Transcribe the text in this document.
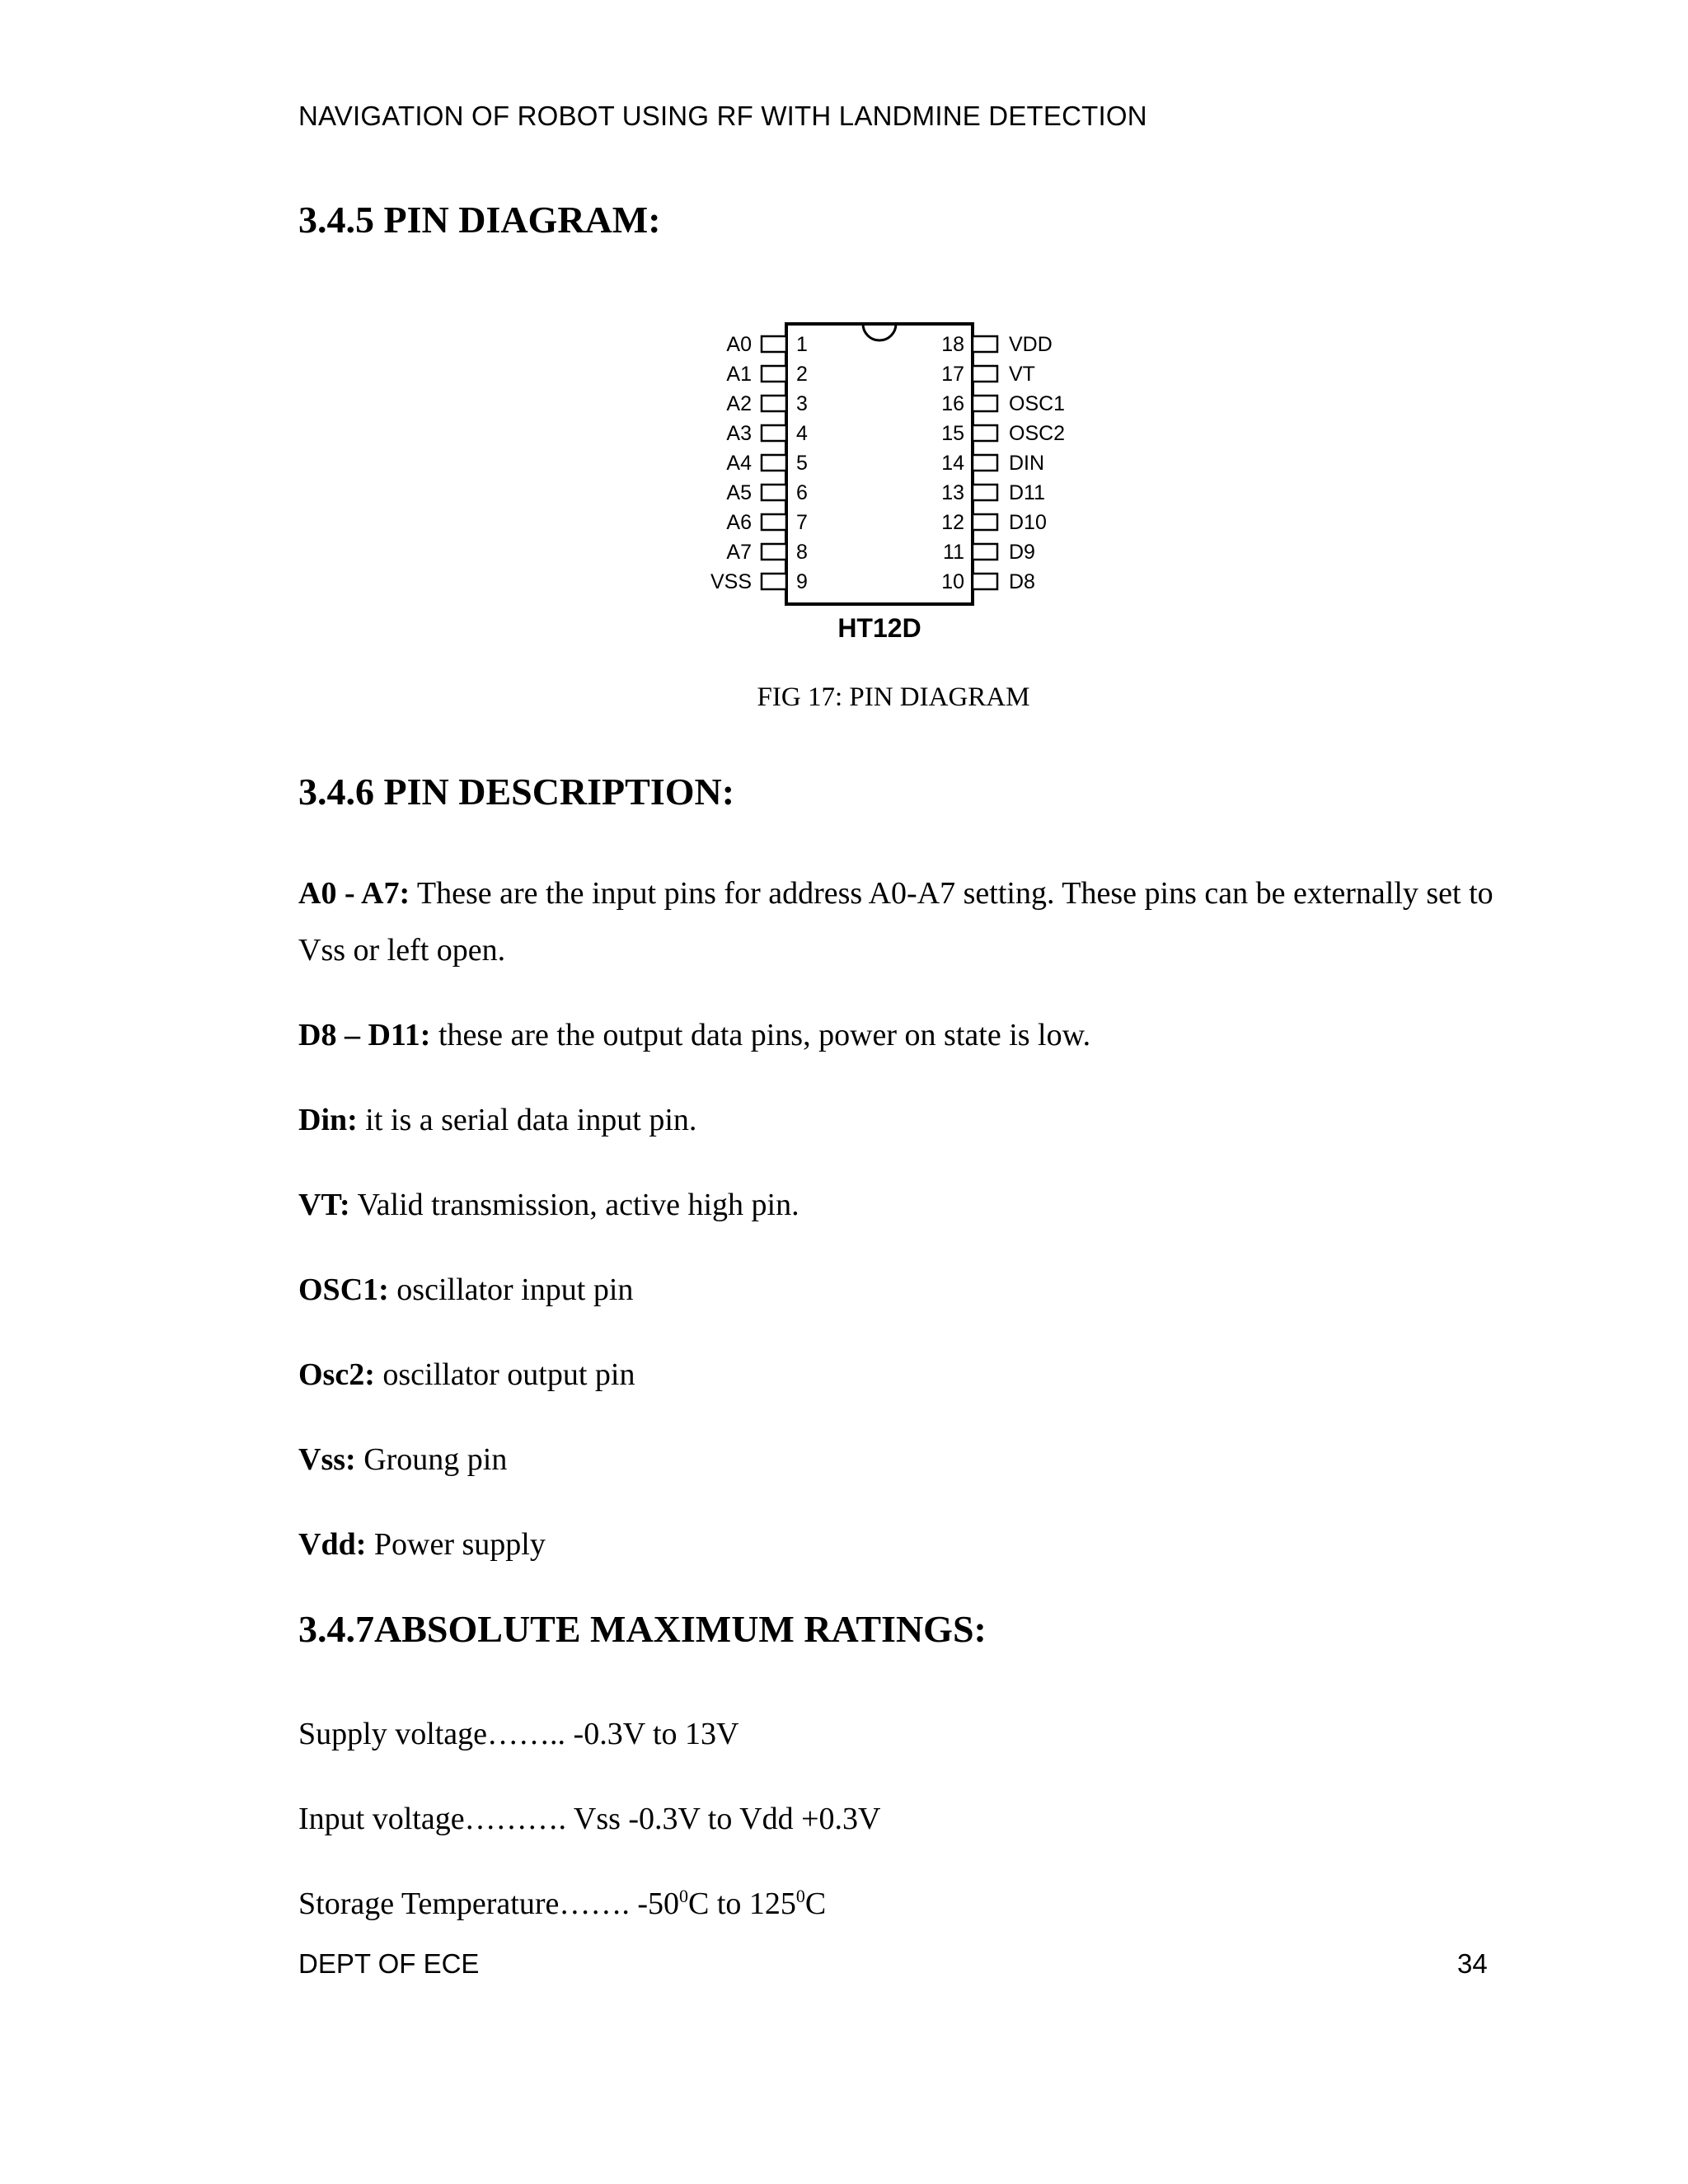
NAVIGATION OF ROBOT USING RF WITH LANDMINE DETECTION
3.4.5 PIN DIAGRAM:
1
A0
2
A1
3
A2
4
A3
5
A4
6
A5
7
A6
8
A7
9
VSS
18 VDD
17 VT
16 OSC1
15 OSC2
14 DIN
13 D11
12 D10
11 D9
10 D8
HT12D
FIG 17: PIN DIAGRAM
3.4.6 PIN DESCRIPTION:
A0 - A7: These are the input pins for address A0-A7 setting. These pins can be externally set to Vss or left open.
D8 – D11: these are the output data pins, power on state is low.
Din: it is a serial data input pin.
VT: Valid transmission, active high pin.
OSC1: oscillator input pin
Osc2: oscillator output pin
Vss: Groung pin
Vdd: Power supply
3.4.7ABSOLUTE MAXIMUM RATINGS:
Supply voltage…….. -0.3V to 13V
Input voltage………. Vss -0.3V to Vdd +0.3V
Storage Temperature……. $-50^0C$ to $125^0C$
DEPT OF ECE	34
